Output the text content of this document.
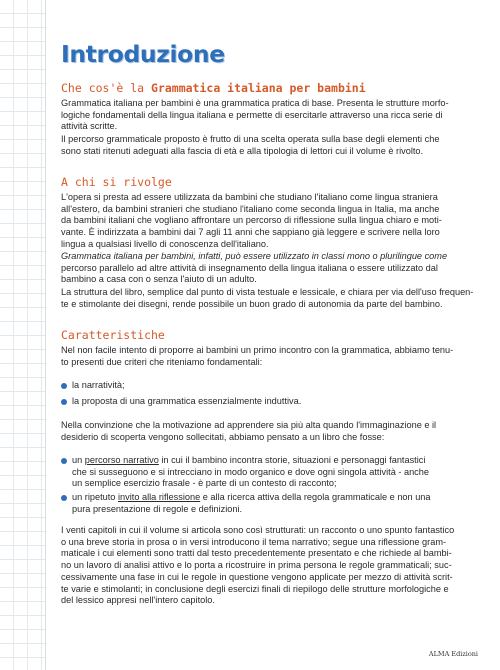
Introduzione
Che cos'è la Grammatica italiana per bambini
Grammatica italiana per bambini è una grammatica pratica di base. Presenta le strutture morfo-
logiche fondamentali della lingua italiana e permette di esercitarle attraverso una ricca serie di
attività scritte.
Il percorso grammaticale proposto è frutto di una scelta operata sulla base degli elementi che
sono stati ritenuti adeguati alla fascia di età e alla tipologia di lettori cui il volume è rivolto.
A chi si rivolge
L'opera si presta ad essere utilizzata da bambini che studiano l'italiano come lingua straniera
all'estero, da bambini stranieri che studiano l'italiano come seconda lingua in Italia, ma anche
da bambini italiani che vogliano affrontare un percorso di riflessione sulla lingua chiaro e moti-
vante. È indirizzata a bambini dai 7 agli 11 anni che sappiano già leggere e scrivere nella loro
lingua a qualsiasi livello di conoscenza dell'italiano.
Grammatica italiana per bambini, infatti, può essere utilizzato in classi mono o plurilingue come
percorso parallelo ad altre attività di insegnamento della lingua italiana o essere utilizzato dal
bambino a casa con o senza l'aiuto di un adulto.
La struttura del libro, semplice dal punto di vista testuale e lessicale, e chiara per via dell'uso frequen-
te e stimolante dei disegni, rende possibile un buon grado di autonomia da parte del bambino.
Caratteristiche
Nel non facile intento di proporre ai bambini un primo incontro con la grammatica, abbiamo tenu-
to presenti due criteri che riteniamo fondamentali:
la narratività;
la proposta di una grammatica essenzialmente induttiva.
Nella convinzione che la motivazione ad apprendere sia più alta quando l'immaginazione e il
desiderio di scoperta vengono sollecitati, abbiamo pensato a un libro che fosse:
un percorso narrativo in cui il bambino incontra storie, situazioni e personaggi fantastici
che si susseguono e si intrecciano in modo organico e dove ogni singola attività - anche
un semplice esercizio frasale - è parte di un contesto di racconto;
un ripetuto invito alla riflessione e alla ricerca attiva della regola grammaticale e non una
pura presentazione di regole e definizioni.
I venti capitoli in cui il volume si articola sono così strutturati: un racconto o uno spunto fantastico
o una breve storia in prosa o in versi introducono il tema narrativo; segue una riflessione gram-
maticale i cui elementi sono tratti dal testo precedentemente presentato e che richiede al bambi-
no un lavoro di analisi attivo e lo porta a ricostruire in prima persona le regole grammaticali; suc-
cessivamente una fase in cui le regole in questione vengono applicate per mezzo di attività scrit-
te varie e stimolanti; in conclusione degli esercizi finali di riepilogo delle strutture morfologiche e
del lessico appresi nell'intero capitolo.
ALMA Edizioni
